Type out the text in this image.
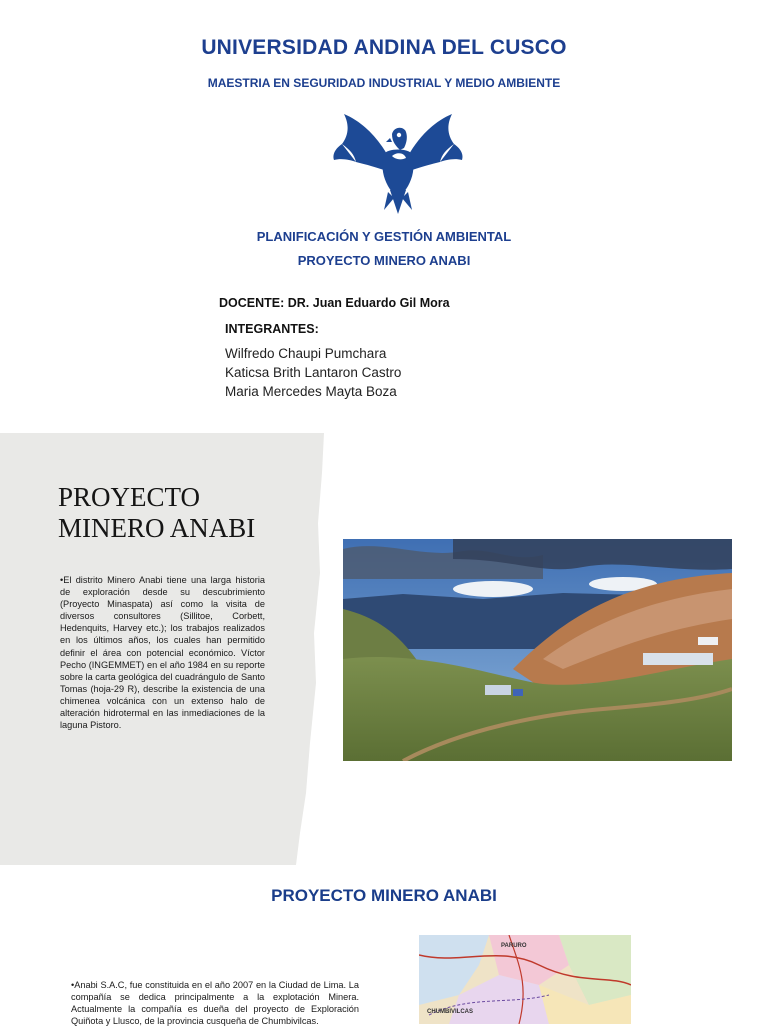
UNIVERSIDAD ANDINA DEL CUSCO
MAESTRIA EN SEGURIDAD INDUSTRIAL Y MEDIO AMBIENTE
PLANIFICACIÓN Y GESTIÓN AMBIENTAL
PROYECTO MINERO ANABI
DOCENTE: DR. Juan Eduardo Gil Mora
INTEGRANTES:
Wilfredo Chaupi Pumchara
Katicsa Brith Lantaron Castro
Maria Mercedes Mayta Boza
PROYECTO MINERO ANABI
•El distrito Minero Anabi tiene una larga historia de exploración desde su descubrimiento (Proyecto Minaspata) así como la visita de diversos consultores (Sillitoe, Corbett, Hedenquits, Harvey etc.); los trabajos realizados en los últimos años, los cuales han permitido definir el área con potencial económico. Víctor Pecho (INGEMMET) en el año 1984 en su reporte sobre la carta geológica del cuadrángulo de Santo Tomas (hoja-29 R), describe la existencia de una chimenea volcánica con un extenso halo de alteración hidrotermal en las inmediaciones de la laguna Pistoro.
PROYECTO MINERO ANABI
•Anabi S.A.C, fue constituida en el año 2007 en la Ciudad de Lima. La compañía se dedica principalmente a la explotación Minera. Actualmente la compañía es dueña del proyecto de Exploración Quiñota y Llusco, de la provincia cusqueña de Chumbivilcas.
PARURO
CHUMBIVILCAS
